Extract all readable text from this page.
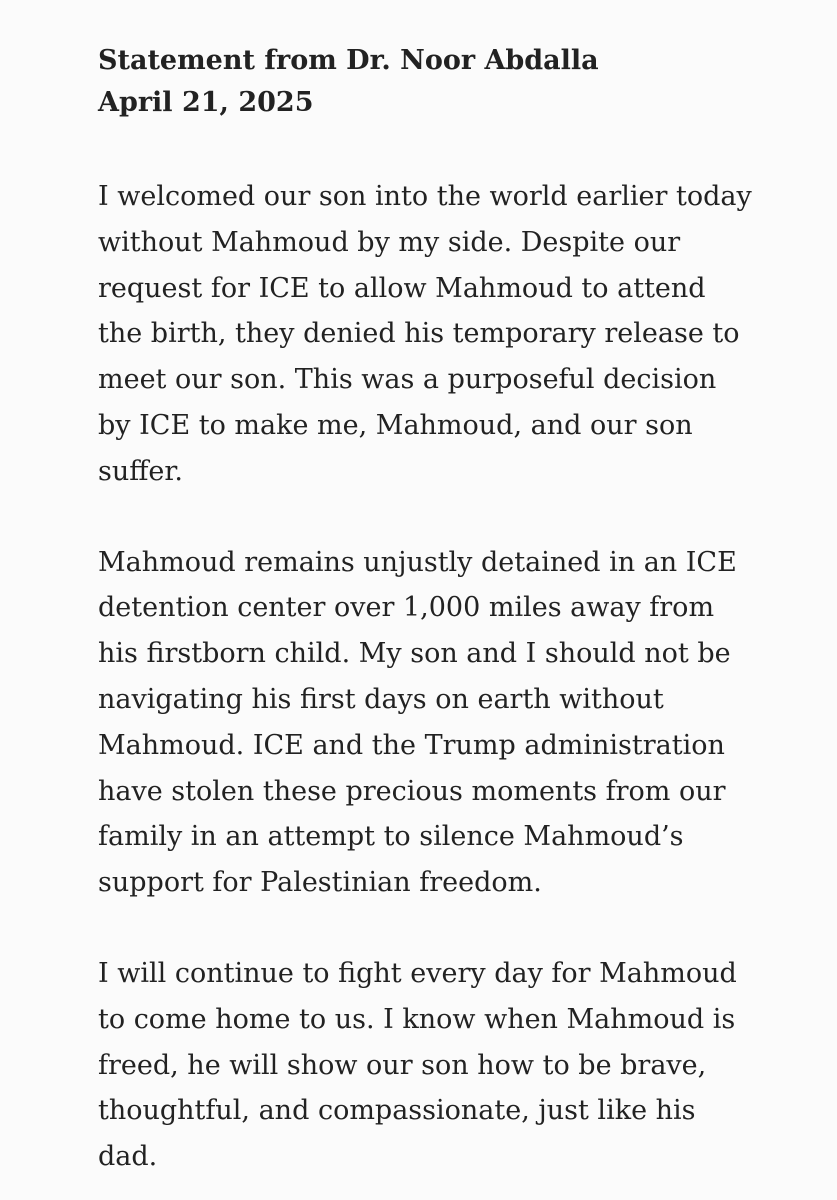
Statement from Dr. Noor Abdalla
April 21, 2025

I welcomed our son into the world earlier today
without Mahmoud by my side. Despite our
request for ICE to allow Mahmoud to attend
the birth, they denied his temporary release to
meet our son. This was a purposeful decision
by ICE to make me, Mahmoud, and our son
suffer.

Mahmoud remains unjustly detained in an ICE
detention center over 1,000 miles away from
his firstborn child. My son and I should not be
navigating his first days on earth without
Mahmoud. ICE and the Trump administration
have stolen these precious moments from our
family in an attempt to silence Mahmoud’s
support for Palestinian freedom.

I will continue to fight every day for Mahmoud
to come home to us. I know when Mahmoud is
freed, he will show our son how to be brave,
thoughtful, and compassionate, just like his
dad.
